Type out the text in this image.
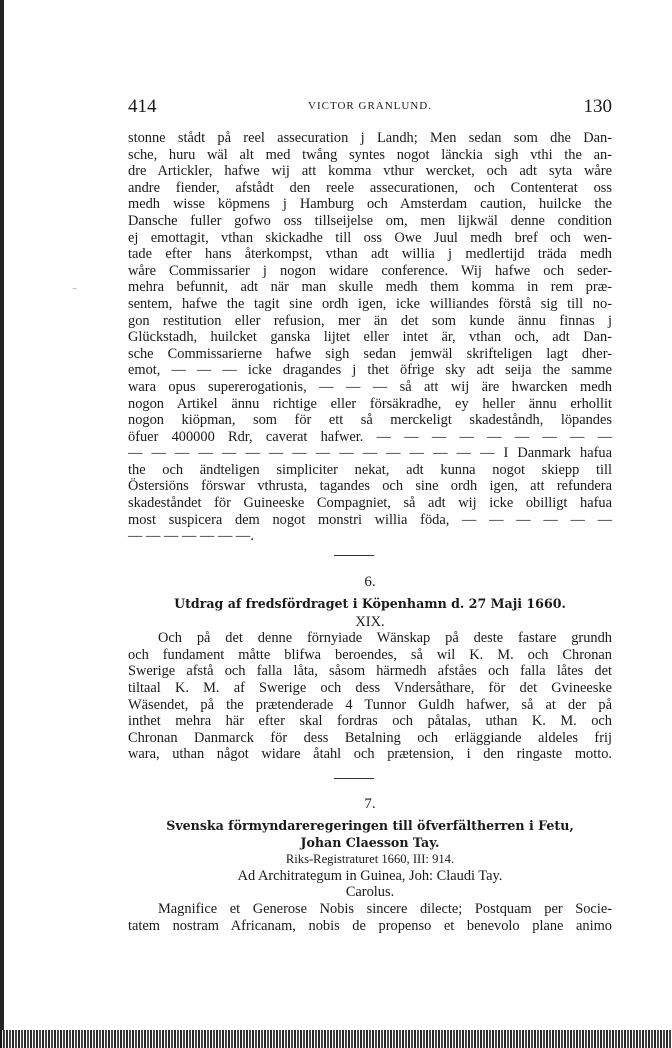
⁻
414	VICTOR GRANLUND.	130
stonne stådt på reel assecuration j Landh; Men sedan som dhe Dan-
sche, huru wäl alt med twång syntes nogot länckia sigh vthi the an-
dre Artickler, hafwe wij att komma vthur wercket, och adt syta wåre
andre fiender, afstådt den reele assecurationen, och Contenterat oss
medh wisse köpmens j Hamburg och Amsterdam caution, huilcke the
Dansche fuller gofwo oss tillseijelse om, men lijkwäl denne condition
ej emottagit, vthan skickadhe till oss Owe Juul medh bref och wen-
tade efter hans återkompst, vthan adt willia j medlertijd träda medh
wåre Commissarier j nogon widare conference. Wij hafwe och seder-
mehra befunnit, adt när man skulle medh them komma in rem præ-
sentem, hafwe the tagit sine ordh igen, icke williandes förstå sig till no-
gon restitution eller refusion, mer än det som kunde ännu finnas j
Glückstadh, huilcket ganska lijtet eller intet är, vthan och, adt Dan-
sche Commissarierne hafwe sigh sedan jemwäl skrifteligen lagt dher-
emot, — — — icke dragandes j thet öfrige sky adt seija the samme
wara opus supererogationis, — — — så att wij äre hwarcken medh
nogon Artikel ännu richtige eller försäkradhe, ey heller ännu erhollit
nogon kiöpman, som för ett så merckeligt skadeståndh, löpandes
öfuer 400000 Rdr, caverat hafwer. — — — — — — — — —
— — — — — — — — — — — — — — — — I Danmark hafua
the och ändteligen simpliciter nekat, adt kunna nogot skiepp till
Östersiöns förswar vthrusta, tagandes och sine ordh igen, att refundera
skadeståndet för Guineeske Compagniet, så adt wij icke obilligt hafua
most suspicera dem nogot monstri willia föda, — — — — — —
— — — — — — —.
6.
Utdrag af fredsfördraget i Köpenhamn d. 27 Maji 1660.
XIX.
Och på det denne förnyiade Wänskap på deste fastare grundh
och fundament måtte blifwa beroendes, så wil K. M. och Chronan
Swerige afstå och falla låta, såsom härmedh afståes och fallа låtes det
tiltaal K. M. af Swerige och dess Vndersåthare, för det Gvineeske
Wäsendet, på the prætenderade 4 Tunnor Guldh hafwer, så at der på
inthet mehra här efter skal fordras och påtalas, uthan K. M. och
Chronan Danmarck för dess Betalning och erläggiande aldeles frij
wara, uthan något widare åtahl och prætension, i den ringaste motto.
7.
Svenska förmyndareregeringen till öfverfältherren i Fetu,
Johan Claesson Tay.
Riks-Registraturet 1660, III: 914.
Ad Architrategum in Guinea, Joh: Claudi Tay.
Carolus.
Magnifice et Generose Nobis sincere dilecte; Postquam per Socie-
tatem nostram Africanam, nobis de propenso et benevolo plane animo
